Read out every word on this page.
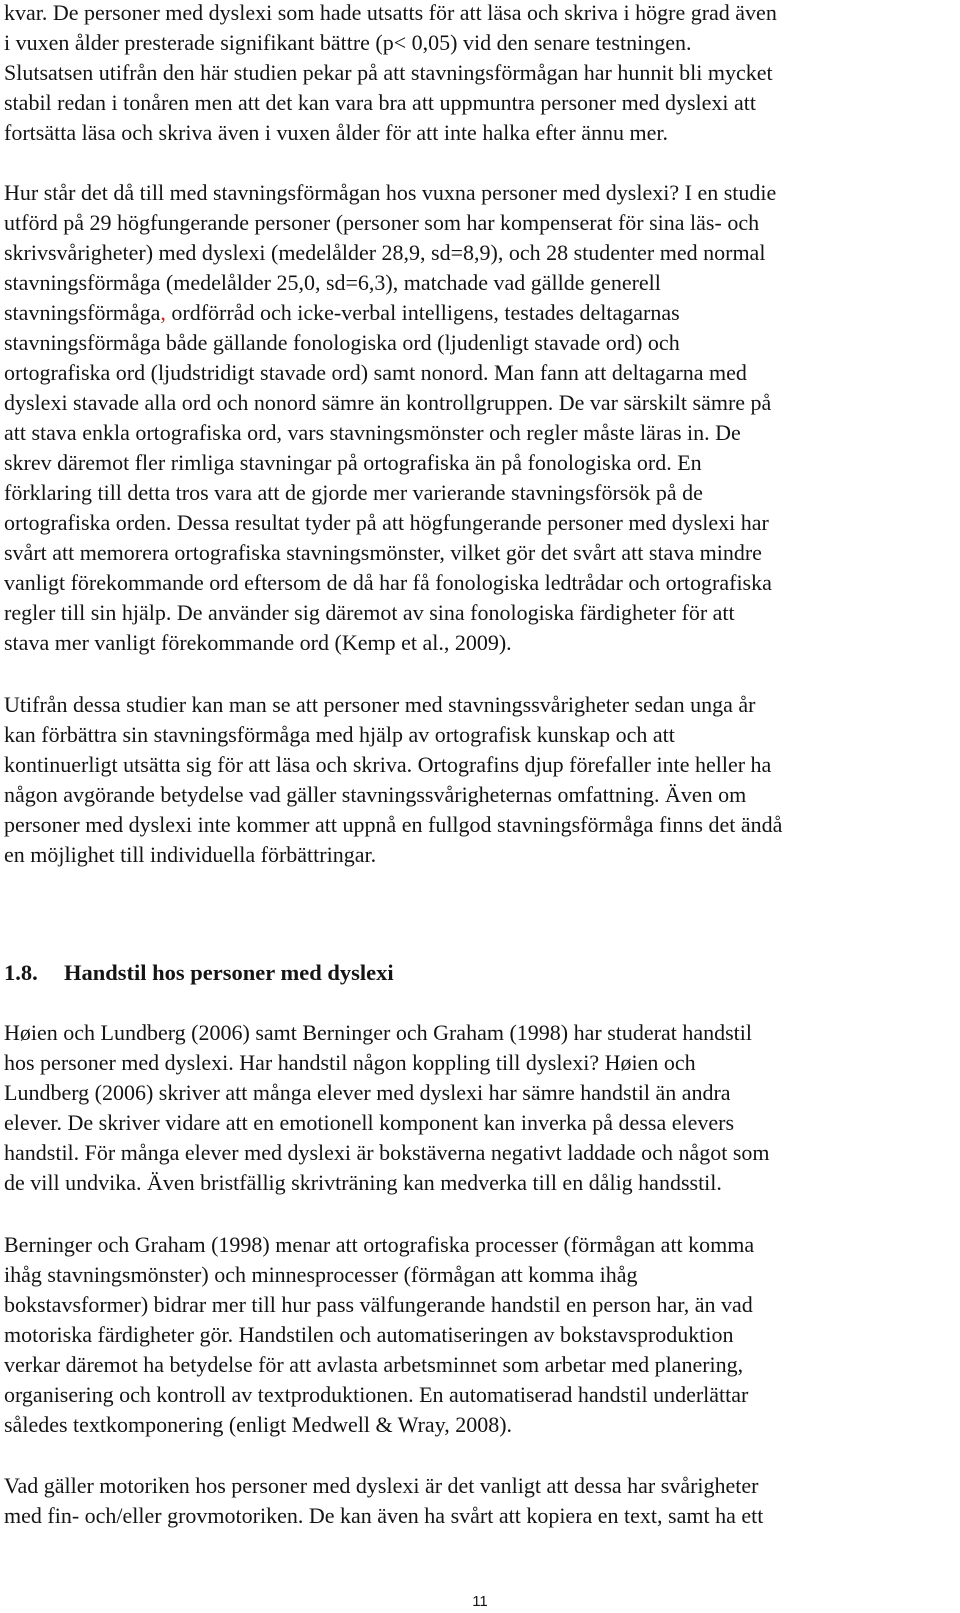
kvar. De personer med dyslexi som hade utsatts för att läsa och skriva i högre grad även
i vuxen ålder presterade signifikant bättre (p< 0,05) vid den senare testningen.
Slutsatsen utifrån den här studien pekar på att stavningsförmågan har hunnit bli mycket
stabil redan i tonåren men att det kan vara bra att uppmuntra personer med dyslexi att
fortsätta läsa och skriva även i vuxen ålder för att inte halka efter ännu mer.

Hur står det då till med stavningsförmågan hos vuxna personer med dyslexi? I en studie
utförd på 29 högfungerande personer (personer som har kompenserat för sina läs- och
skrivsvårigheter) med dyslexi (medelålder 28,9, sd=8,9), och 28 studenter med normal
stavningsförmåga (medelålder 25,0, sd=6,3), matchade vad gällde generell
stavningsförmåga, ordförråd och icke-verbal intelligens, testades deltagarnas
stavningsförmåga både gällande fonologiska ord (ljudenligt stavade ord) och
ortografiska ord (ljudstridigt stavade ord) samt nonord. Man fann att deltagarna med
dyslexi stavade alla ord och nonord sämre än kontrollgruppen. De var särskilt sämre på
att stava enkla ortografiska ord, vars stavningsmönster och regler måste läras in. De
skrev däremot fler rimliga stavningar på ortografiska än på fonologiska ord. En
förklaring till detta tros vara att de gjorde mer varierande stavningsförsök på de
ortografiska orden. Dessa resultat tyder på att högfungerande personer med dyslexi har
svårt att memorera ortografiska stavningsmönster, vilket gör det svårt att stava mindre
vanligt förekommande ord eftersom de då har få fonologiska ledtrådar och ortografiska
regler till sin hjälp. De använder sig däremot av sina fonologiska färdigheter för att
stava mer vanligt förekommande ord (Kemp et al., 2009).

Utifrån dessa studier kan man se att personer med stavningssvårigheter sedan unga år
kan förbättra sin stavningsförmåga med hjälp av ortografisk kunskap och att
kontinuerligt utsätta sig för att läsa och skriva. Ortografins djup förefaller inte heller ha
någon avgörande betydelse vad gäller stavningssvårigheternas omfattning. Även om
personer med dyslexi inte kommer att uppnå en fullgod stavningsförmåga finns det ändå
en möjlighet till individuella förbättringar.

1.8. Handstil hos personer med dyslexi

Høien och Lundberg (2006) samt Berninger och Graham (1998) har studerat handstil
hos personer med dyslexi. Har handstil någon koppling till dyslexi? Høien och
Lundberg (2006) skriver att många elever med dyslexi har sämre handstil än andra
elever. De skriver vidare att en emotionell komponent kan inverka på dessa elevers
handstil. För många elever med dyslexi är bokstäverna negativt laddade och något som
de vill undvika. Även bristfällig skrivträning kan medverka till en dålig handsstil.

Berninger och Graham (1998) menar att ortografiska processer (förmågan att komma
ihåg stavningsmönster) och minnesprocesser (förmågan att komma ihåg
bokstavsformer) bidrar mer till hur pass välfungerande handstil en person har, än vad
motoriska färdigheter gör. Handstilen och automatiseringen av bokstavsproduktion
verkar däremot ha betydelse för att avlasta arbetsminnet som arbetar med planering,
organisering och kontroll av textproduktionen. En automatiserad handstil underlättar
således textkomponering (enligt Medwell & Wray, 2008).

Vad gäller motoriken hos personer med dyslexi är det vanligt att dessa har svårigheter
med fin- och/eller grovmotoriken. De kan även ha svårt att kopiera en text, samt ha ett

11
